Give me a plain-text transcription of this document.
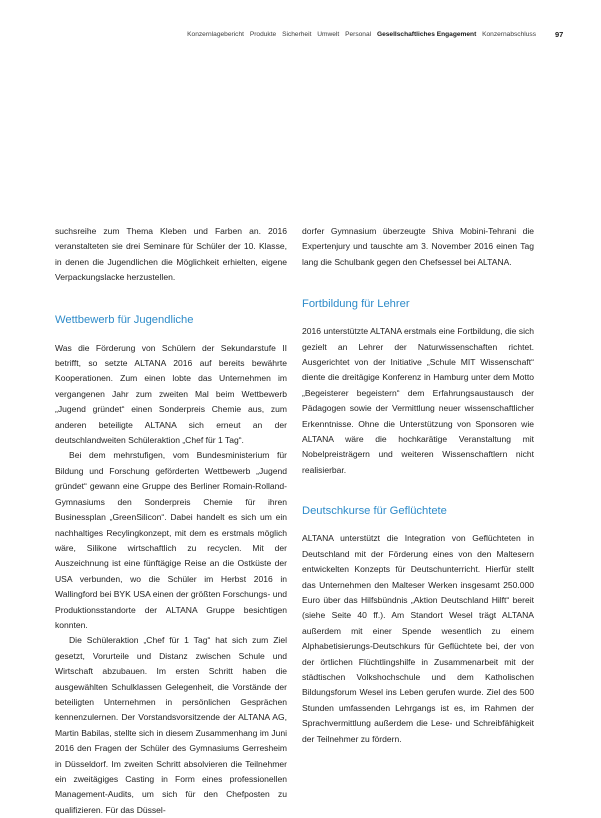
Konzernlagebericht Produkte Sicherheit Umwelt Personal Gesellschaftliches Engagement Konzernabschluss	97

suchsreihe zum Thema Kleben und Farben an. 2016 veranstalteten sie drei Seminare für Schüler der 10. Klasse, in denen die Jugendlichen die Möglichkeit erhielten, eigene Verpackungslacke herzustellen.

Wettbewerb für Jugendliche

Was die Förderung von Schülern der Sekundarstufe II betrifft, so setzte ALTANA 2016 auf bereits bewährte Kooperationen. Zum einen lobte das Unternehmen im vergangenen Jahr zum zweiten Mal beim Wettbewerb „Jugend gründet“ einen Sonderpreis Chemie aus, zum anderen beteiligte ALTANA sich erneut an der deutschlandweiten Schüleraktion „Chef für 1 Tag“.

Bei dem mehrstufigen, vom Bundesministerium für Bildung und Forschung geförderten Wettbewerb „Jugend gründet“ gewann eine Gruppe des Berliner Romain-Rolland-Gymnasiums den Sonderpreis Chemie für ihren Businessplan „GreenSilicon“. Dabei handelt es sich um ein nachhaltiges Recylingkonzept, mit dem es erstmals möglich wäre, Silikone wirtschaftlich zu recyclen. Mit der Auszeichnung ist eine fünftägige Reise an die Ostküste der USA verbunden, wo die Schüler im Herbst 2016 in Wallingford bei BYK USA einen der größten Forschungs- und Produktionsstandorte der ALTANA Gruppe besichtigen konnten.

Die Schüleraktion „Chef für 1 Tag“ hat sich zum Ziel gesetzt, Vorurteile und Distanz zwischen Schule und Wirtschaft abzubauen. Im ersten Schritt haben die ausgewählten Schulklassen Gelegenheit, die Vorstände der beteiligten Unternehmen in persönlichen Gesprächen kennenzulernen. Der Vorstandsvorsitzende der ALTANA AG, Martin Babilas, stellte sich in diesem Zusammenhang im Juni 2016 den Fragen der Schüler des Gymnasiums Gerresheim in Düsseldorf. Im zweiten Schritt absolvieren die Teilnehmer ein zweitägiges Casting in Form eines professionellen Management-Audits, um sich für den Chefposten zu qualifizieren. Für das Düssel-

dorfer Gymnasium überzeugte Shiva Mobini-Tehrani die Expertenjury und tauschte am 3. November 2016 einen Tag lang die Schulbank gegen den Chefsessel bei ALTANA.

Fortbildung für Lehrer

2016 unterstützte ALTANA erstmals eine Fortbildung, die sich gezielt an Lehrer der Naturwissenschaften richtet. Ausgerichtet von der Initiative „Schule MIT Wissenschaft“ diente die dreitägige Konferenz in Hamburg unter dem Motto „Begeisterer begeistern“ dem Erfahrungsaustausch der Pädagogen sowie der Vermittlung neuer wissenschaftlicher Erkenntnisse. Ohne die Unterstützung von Sponsoren wie ALTANA wäre die hochkarätige Veranstaltung mit Nobelpreisträgern und weiteren Wissenschaftlern nicht realisierbar.

Deutschkurse für Geflüchtete

ALTANA unterstützt die Integration von Geflüchteten in Deutschland mit der Förderung eines von den Maltesern entwickelten Konzepts für Deutschunterricht. Hierfür stellt das Unternehmen den Malteser Werken insgesamt 250.000 Euro über das Hilfsbündnis „Aktion Deutschland Hilft“ bereit (siehe Seite 40 ff.). Am Standort Wesel trägt ALTANA außerdem mit einer Spende wesentlich zu einem Alphabetisierungs-Deutschkurs für Geflüchtete bei, der von der örtlichen Flüchtlingshilfe in Zusammenarbeit mit der städtischen Volkshochschule und dem Katholischen Bildungsforum Wesel ins Leben gerufen wurde. Ziel des 500 Stunden umfassenden Lehrgangs ist es, im Rahmen der Sprachvermittlung außerdem die Lese- und Schreibfähigkeit der Teilnehmer zu fördern.
